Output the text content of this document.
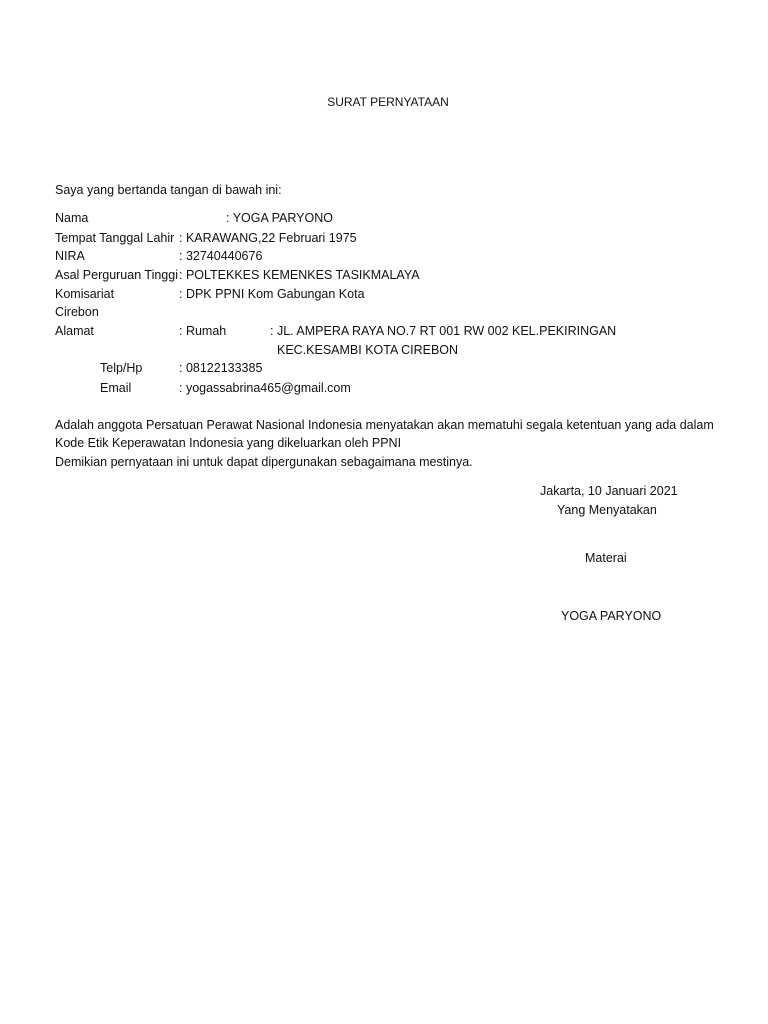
SURAT PERNYATAAN
Saya yang bertanda tangan di bawah ini:
Nama	: YOGA PARYONO
Tempat Tanggal Lahir : KARAWANG,22 Februari 1975
NIRA	: 32740440676
Asal Perguruan Tinggi : POLTEKKES KEMENKES TASIKMALAYA
Komisariat	: DPK PPNI Kom Gabungan Kota
Cirebon
Alamat	: Rumah	: JL. AMPERA RAYA NO.7 RT 001 RW 002 KEL.PEKIRINGAN
KEC.KESAMBI KOTA CIREBON
Telp/Hp	: 08122133385
Email	: yogassabrina465@gmail.com
Adalah anggota Persatuan Perawat Nasional Indonesia menyatakan akan mematuhi segala ketentuan yang ada dalam
Kode Etik Keperawatan Indonesia yang dikeluarkan oleh PPNI
Demikian pernyataan ini untuk dapat dipergunakan sebagaimana mestinya.
Jakarta, 10 Januari 2021
Yang Menyatakan
Materai
YOGA PARYONO
